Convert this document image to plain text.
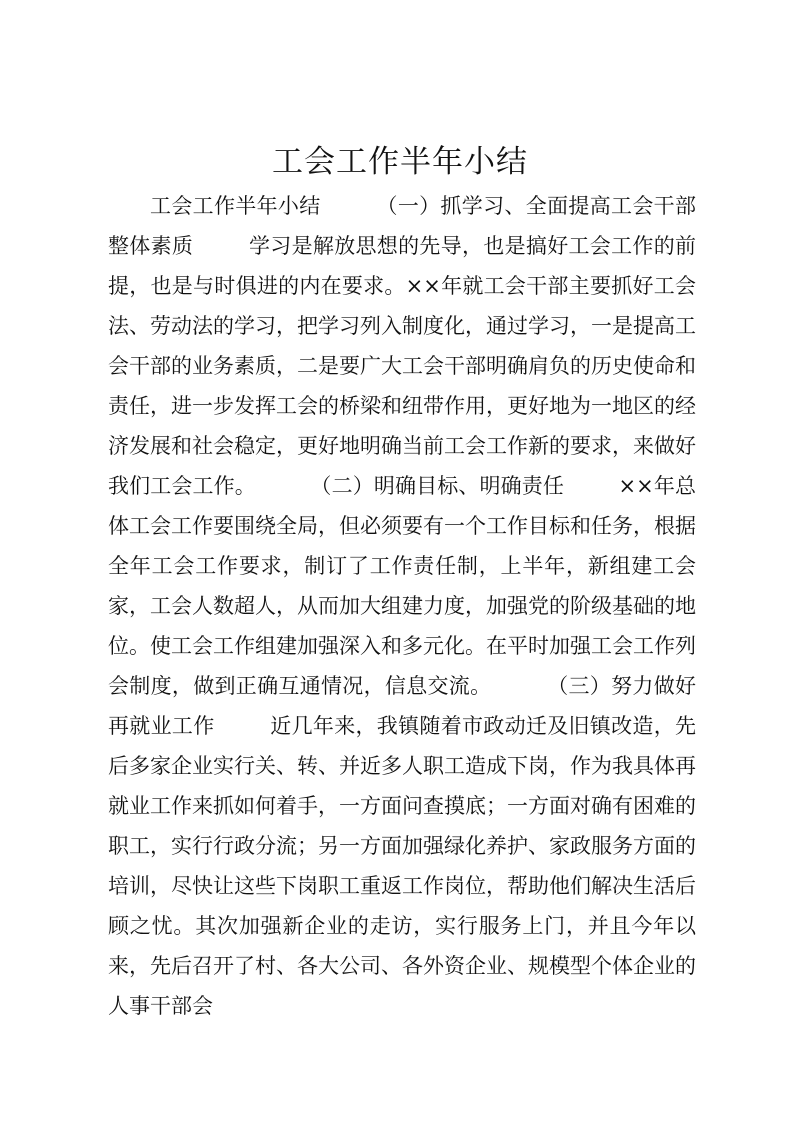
工会工作半年小结

工会工作半年小结        （一）抓学习、全面提高工会干部整体素质        学习是解放思想的先导，也是搞好工会工作的前提，也是与时俱进的内在要求。××年就工会干部主要抓好工会法、劳动法的学习，把学习列入制度化，通过学习，一是提高工会干部的业务素质，二是要广大工会干部明确肩负的历史使命和责任，进一步发挥工会的桥梁和纽带作用，更好地为一地区的经济发展和社会稳定，更好地明确当前工会工作新的要求，来做好我们工会工作。        （二）明确目标、明确责任        ××年总体工会工作要围绕全局，但必须要有一个工作目标和任务，根据全年工会工作要求，制订了工作责任制，上半年，新组建工会家，工会人数超人，从而加大组建力度，加强党的阶级基础的地位。使工会工作组建加强深入和多元化。在平时加强工会工作列会制度，做到正确互通情况，信息交流。        （三）努力做好再就业工作        近几年来，我镇随着市政动迁及旧镇改造，先后多家企业实行关、转、并近多人职工造成下岗，作为我具体再就业工作来抓如何着手，一方面问查摸底；一方面对确有困难的职工，实行行政分流；另一方面加强绿化养护、家政服务方面的培训，尽快让这些下岗职工重返工作岗位，帮助他们解决生活后顾之忧。其次加强新企业的走访，实行服务上门，并且今年以来，先后召开了村、各大公司、各外资企业、规模型个体企业的人事干部会
